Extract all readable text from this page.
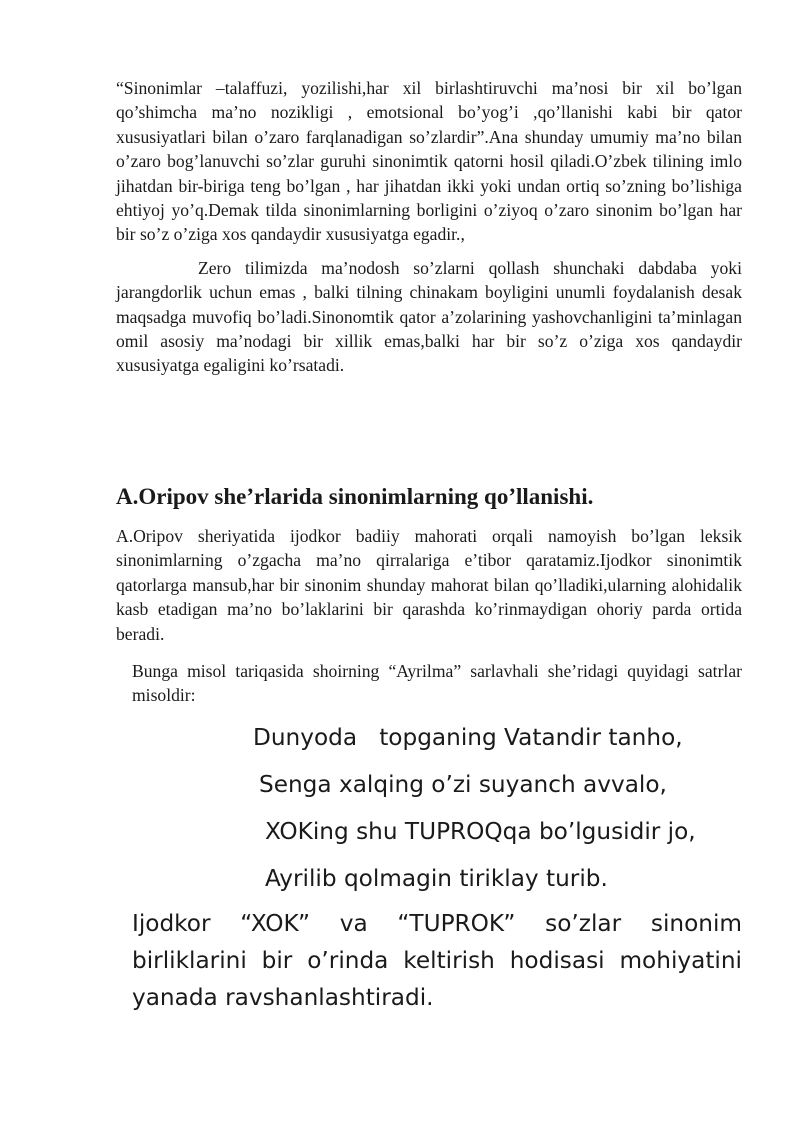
“Sinonimlar –talaffuzi, yozilishi,har xil birlashtiruvchi ma’nosi bir xil bo’lgan qo’shimcha ma’no nozikligi , emotsional bo’yog’i ,qo’llanishi kabi bir qator xususiyatlari bilan o’zaro farqlanadigan so’zlardir”.Ana shunday umumiy ma’no bilan o’zaro bog’lanuvchi so’zlar guruhi sinonimtik qatorni hosil qiladi.O’zbek tilining imlo jihatdan bir-biriga teng bo’lgan , har jihatdan ikki yoki undan ortiq so’zning bo’lishiga ehtiyoj yo’q.Demak tilda sinonimlarning borligini o’ziyoq o’zaro sinonim bo’lgan har bir so’z o’ziga xos qandaydir xususiyatga egadir.,

Zero tilimizda ma’nodosh so’zlarni qollash shunchaki dabdaba yoki jarangdorlik uchun emas , balki tilning chinakam boyligini unumli foydalanish desak maqsadga muvofiq bo’ladi.Sinonomtik qator a’zolarining yashovchanligini ta’minlagan omil asosiy ma’nodagi bir xillik emas,balki har bir so’z o’ziga xos qandaydir xususiyatga egaligini ko’rsatadi.

A.Oripov she’rlarida sinonimlarning qo’llanishi.

A.Oripov sheriyatida ijodkor badiiy mahorati orqali namoyish bo’lgan leksik sinonimlarning o’zgacha ma’no qirralariga e’tibor qaratamiz.Ijodkor sinonimtik qatorlarga mansub,har bir sinonim shunday mahorat bilan qo’lladiki,ularning alohidalik kasb etadigan ma’no bo’laklarini bir qarashda ko’rinmaydigan ohoriy parda ortida beradi.

Bunga misol tariqasida shoirning “Ayrilma” sarlavhali she’ridagi quyidagi satrlar misoldir:

Dunyoda   topganing Vatandir tanho,
Senga xalqing o’zi suyanch avvalo,
XOKing shu TUPROQqa bo’lgusidir jo,
Ayrilib qolmagin tiriklay turib.

Ijodkor “XOK” va “TUPROK” so’zlar sinonim birliklarini bir o’rinda keltirish hodisasi mohiyatini yanada ravshanlashtiradi.
